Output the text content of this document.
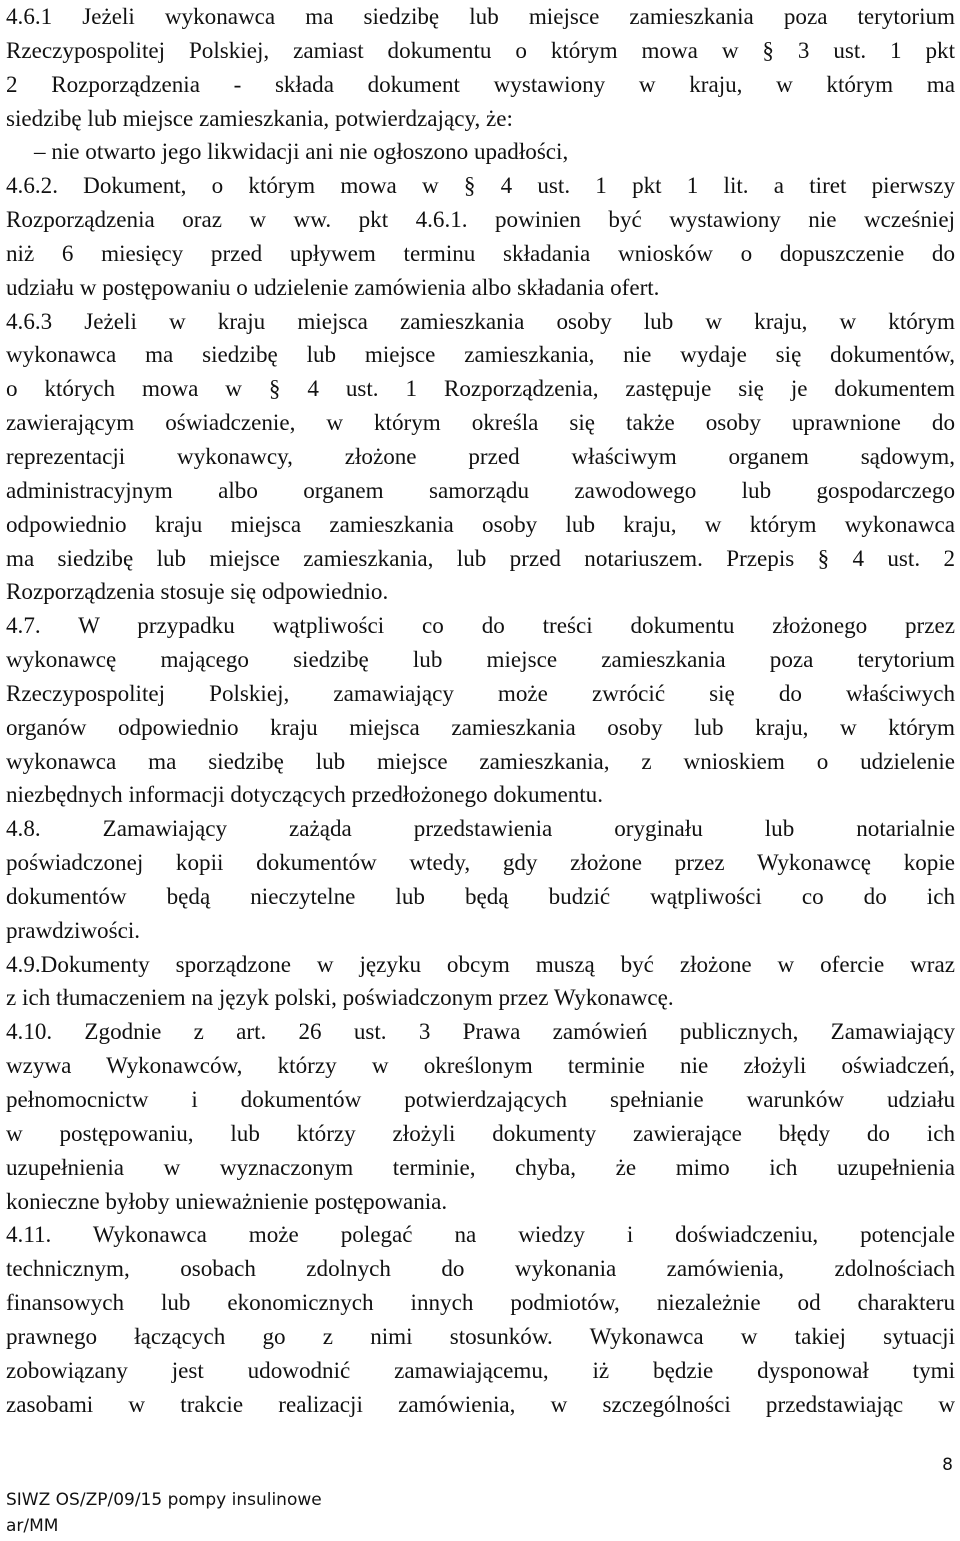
4.6.1 Jeżeli wykonawca ma siedzibę lub miejsce zamieszkania poza terytorium
Rzeczypospolitej Polskiej, zamiast dokumentu o którym mowa w § 3 ust. 1 pkt
2 Rozporządzenia - składa dokument wystawiony w kraju, w którym ma
siedzibę lub miejsce zamieszkania, potwierdzający, że:
– nie otwarto jego likwidacji ani nie ogłoszono upadłości,
4.6.2. Dokument, o którym mowa w § 4 ust. 1 pkt 1 lit. a tiret pierwszy
Rozporządzenia oraz w ww. pkt 4.6.1. powinien być wystawiony nie wcześniej
niż 6 miesięcy przed upływem terminu składania wniosków o dopuszczenie do
udziału w postępowaniu o udzielenie zamówienia albo składania ofert.
4.6.3 Jeżeli w kraju miejsca zamieszkania osoby lub w kraju, w którym
wykonawca ma siedzibę lub miejsce zamieszkania, nie wydaje się dokumentów,
o których mowa w § 4 ust. 1 Rozporządzenia, zastępuje się je dokumentem
zawierającym oświadczenie, w którym określa się także osoby uprawnione do
reprezentacji wykonawcy, złożone przed właściwym organem sądowym,
administracyjnym albo organem samorządu zawodowego lub gospodarczego
odpowiednio kraju miejsca zamieszkania osoby lub kraju, w którym wykonawca
ma siedzibę lub miejsce zamieszkania, lub przed notariuszem. Przepis § 4 ust. 2
Rozporządzenia stosuje się odpowiednio.
4.7. W przypadku wątpliwości co do treści dokumentu złożonego przez
wykonawcę mającego siedzibę lub miejsce zamieszkania poza terytorium
Rzeczypospolitej Polskiej, zamawiający może zwrócić się do właściwych
organów odpowiednio kraju miejsca zamieszkania osoby lub kraju, w którym
wykonawca ma siedzibę lub miejsce zamieszkania, z wnioskiem o udzielenie
niezbędnych informacji dotyczących przedłożonego dokumentu.
4.8. Zamawiający zażąda przedstawienia oryginału lub notarialnie
poświadczonej kopii dokumentów wtedy, gdy złożone przez Wykonawcę kopie
dokumentów będą nieczytelne lub będą budzić wątpliwości co do ich
prawdziwości.
4.9.Dokumenty sporządzone w języku obcym muszą być złożone w ofercie wraz
z ich tłumaczeniem na język polski, poświadczonym przez Wykonawcę.
4.10. Zgodnie z art. 26 ust. 3 Prawa zamówień publicznych, Zamawiający
wzywa Wykonawców, którzy w określonym terminie nie złożyli oświadczeń,
pełnomocnictw i dokumentów potwierdzających spełnianie warunków udziału
w postępowaniu, lub którzy złożyli dokumenty zawierające błędy do ich
uzupełnienia w wyznaczonym terminie, chyba, że mimo ich uzupełnienia
konieczne byłoby unieważnienie postępowania.
4.11. Wykonawca może polegać na wiedzy i doświadczeniu, potencjale
technicznym, osobach zdolnych do wykonania zamówienia, zdolnościach
finansowych lub ekonomicznych innych podmiotów, niezależnie od charakteru
prawnego łączących go z nimi stosunków. Wykonawca w takiej sytuacji
zobowiązany jest udowodnić zamawiającemu, iż będzie dysponował tymi
zasobami w trakcie realizacji zamówienia, w szczególności przedstawiając w
8
SIWZ OS/ZP/09/15 pompy insulinowe
ar/MM
